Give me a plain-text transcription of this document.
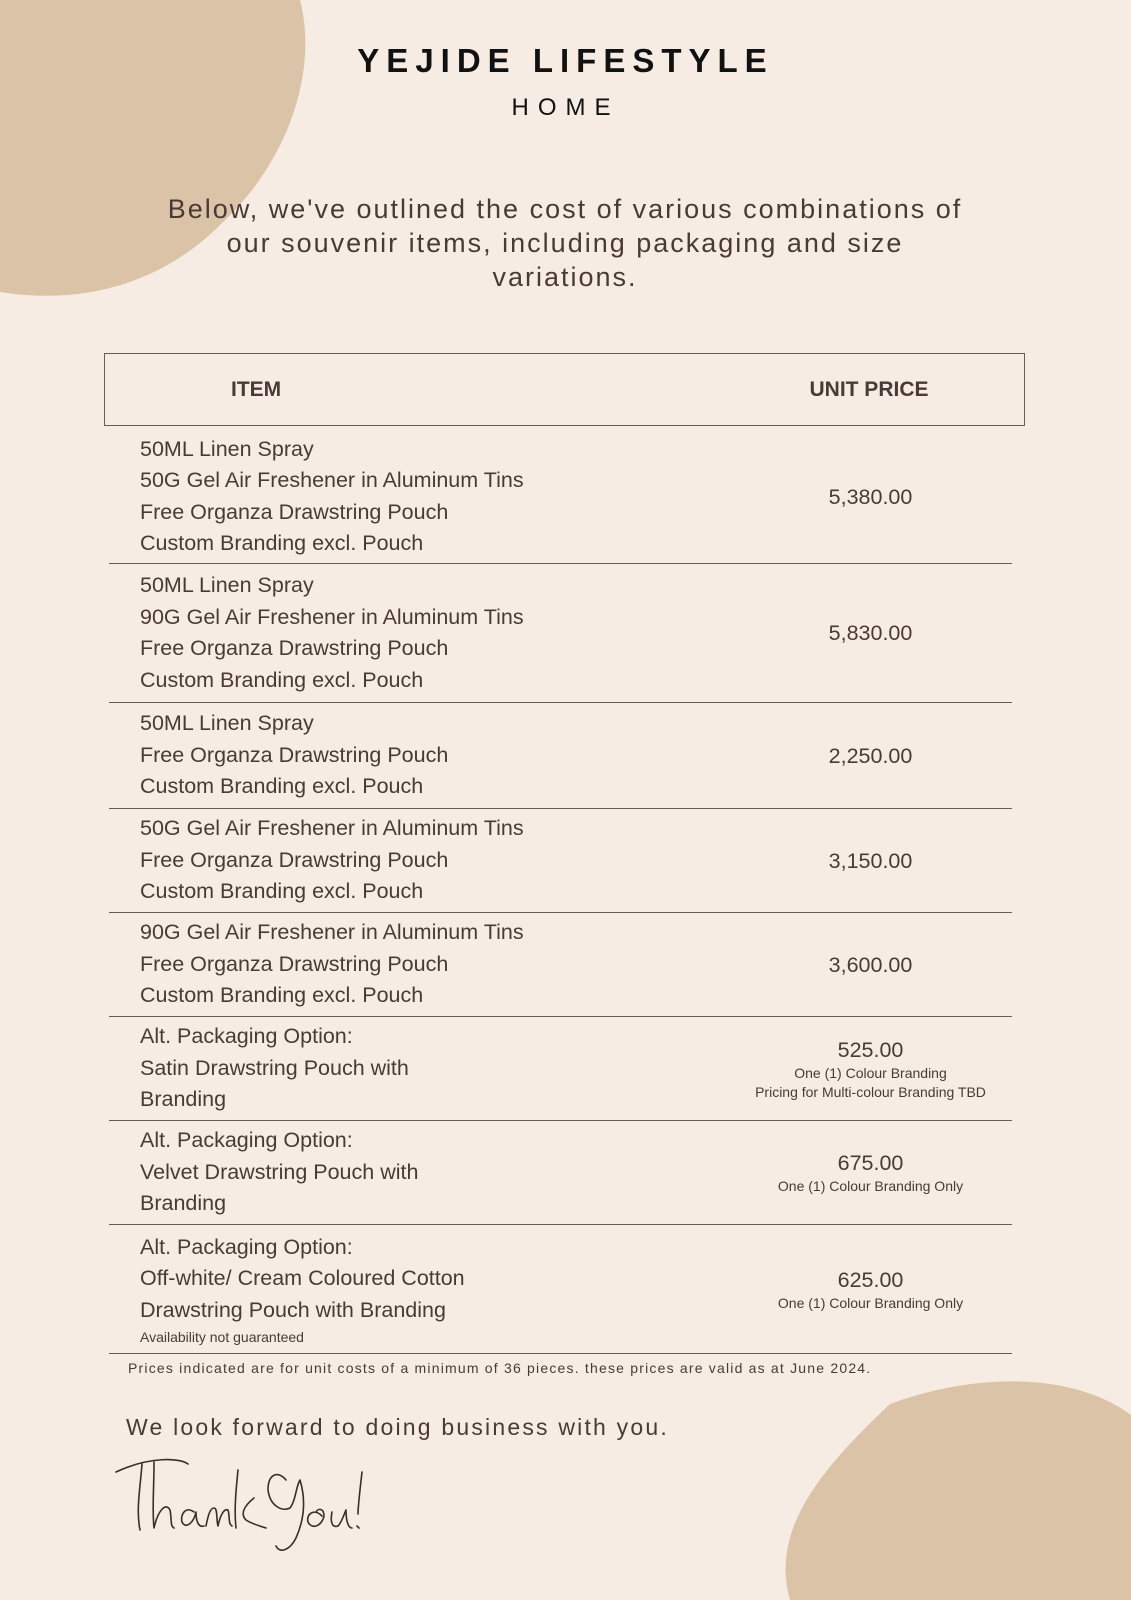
YEJIDE LIFESTYLE
HOME
Below, we've outlined the cost of various combinations of our souvenir items, including packaging and size variations.
ITEM	UNIT PRICE
50ML Linen Spray
50G Gel Air Freshener in Aluminum Tins
Free Organza Drawstring Pouch
Custom Branding excl. Pouch
5,380.00
50ML Linen Spray
90G Gel Air Freshener in Aluminum Tins
Free Organza Drawstring Pouch
Custom Branding excl. Pouch
5,830.00
50ML Linen Spray
Free Organza Drawstring Pouch
Custom Branding excl. Pouch
2,250.00
50G Gel Air Freshener in Aluminum Tins
Free Organza Drawstring Pouch
Custom Branding excl. Pouch
3,150.00
90G Gel Air Freshener in Aluminum Tins
Free Organza Drawstring Pouch
Custom Branding excl. Pouch
3,600.00
Alt. Packaging Option:
Satin Drawstring Pouch with
Branding
525.00
One (1) Colour Branding
Pricing for Multi-colour Branding TBD
Alt. Packaging Option:
Velvet Drawstring Pouch with
Branding
675.00
One (1) Colour Branding Only
Alt. Packaging Option:
Off-white/ Cream Coloured Cotton
Drawstring Pouch with Branding
Availability not guaranteed
625.00
One (1) Colour Branding Only
Prices indicated are for unit costs of a minimum of 36 pieces. these prices are valid as at June 2024.
We look forward to doing business with you.
